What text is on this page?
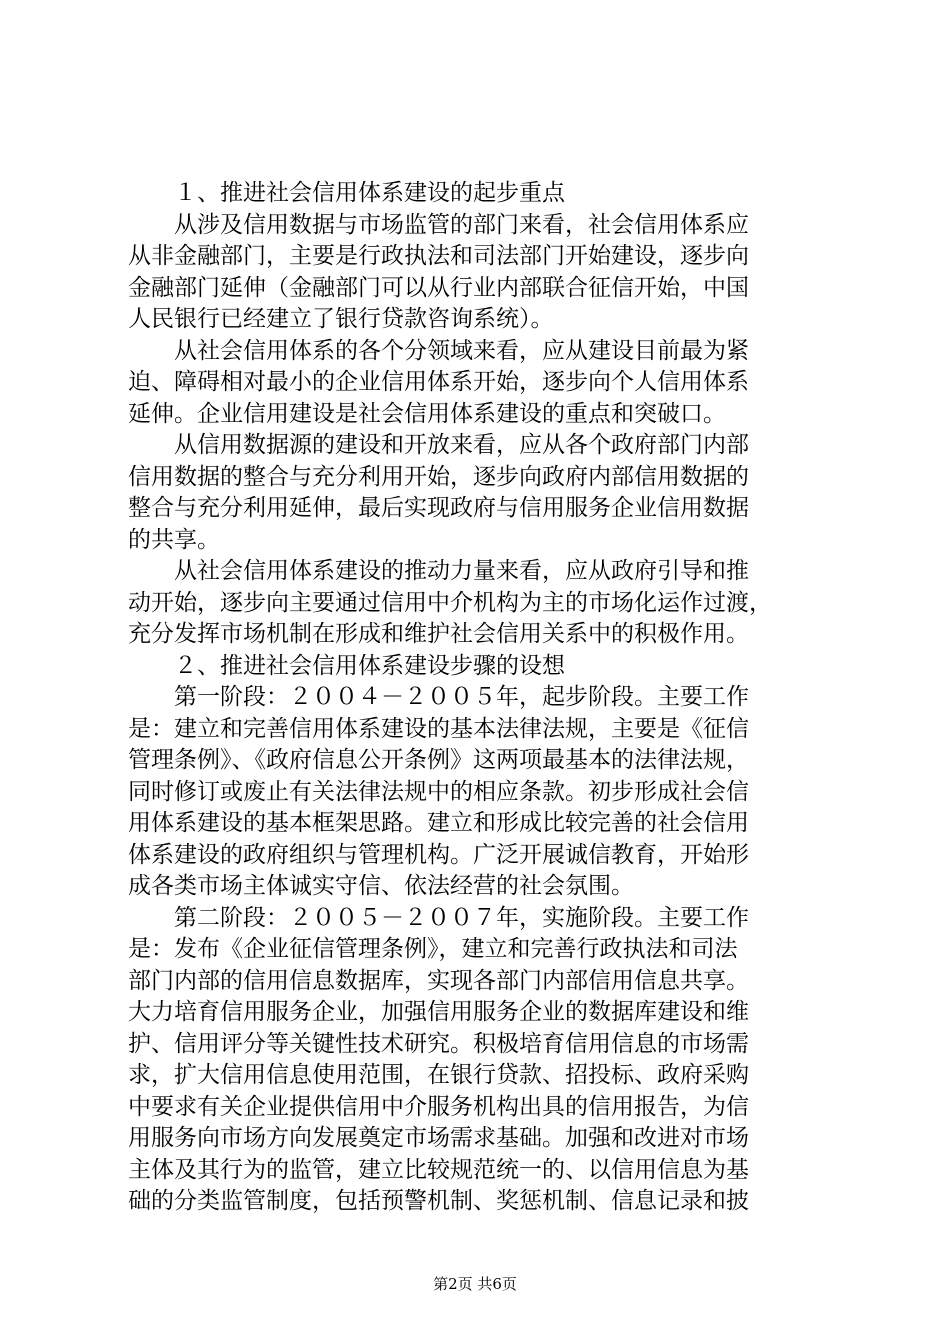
　　１、推进社会信用体系建设的起步重点
　　从涉及信用数据与市场监管的部门来看，社会信用体系应
从非金融部门，主要是行政执法和司法部门开始建设，逐步向
金融部门延伸（金融部门可以从行业内部联合征信开始，中国
人民银行已经建立了银行贷款咨询系统）。
　　从社会信用体系的各个分领域来看，应从建设目前最为紧
迫、障碍相对最小的企业信用体系开始，逐步向个人信用体系
延伸。企业信用建设是社会信用体系建设的重点和突破口。
　　从信用数据源的建设和开放来看，应从各个政府部门内部
信用数据的整合与充分利用开始，逐步向政府内部信用数据的
整合与充分利用延伸，最后实现政府与信用服务企业信用数据
的共享。
　　从社会信用体系建设的推动力量来看，应从政府引导和推
动开始，逐步向主要通过信用中介机构为主的市场化运作过渡，
充分发挥市场机制在形成和维护社会信用关系中的积极作用。
　　２、推进社会信用体系建设步骤的设想
　　第一阶段：２００４－２００５年，起步阶段。主要工作
是：建立和完善信用体系建设的基本法律法规，主要是《征信
管理条例》、《政府信息公开条例》这两项最基本的法律法规，
同时修订或废止有关法律法规中的相应条款。初步形成社会信
用体系建设的基本框架思路。建立和形成比较完善的社会信用
体系建设的政府组织与管理机构。广泛开展诚信教育，开始形
成各类市场主体诚实守信、依法经营的社会氛围。
　　第二阶段：２００５－２００７年，实施阶段。主要工作
是：发布《企业征信管理条例》，建立和完善行政执法和司法
部门内部的信用信息数据库，实现各部门内部信用信息共享。
大力培育信用服务企业，加强信用服务企业的数据库建设和维
护、信用评分等关键性技术研究。积极培育信用信息的市场需
求，扩大信用信息使用范围，在银行贷款、招投标、政府采购
中要求有关企业提供信用中介服务机构出具的信用报告，为信
用服务向市场方向发展奠定市场需求基础。加强和改进对市场
主体及其行为的监管，建立比较规范统一的、以信用信息为基
础的分类监管制度，包括预警机制、奖惩机制、信息记录和披
第2页 共6页
